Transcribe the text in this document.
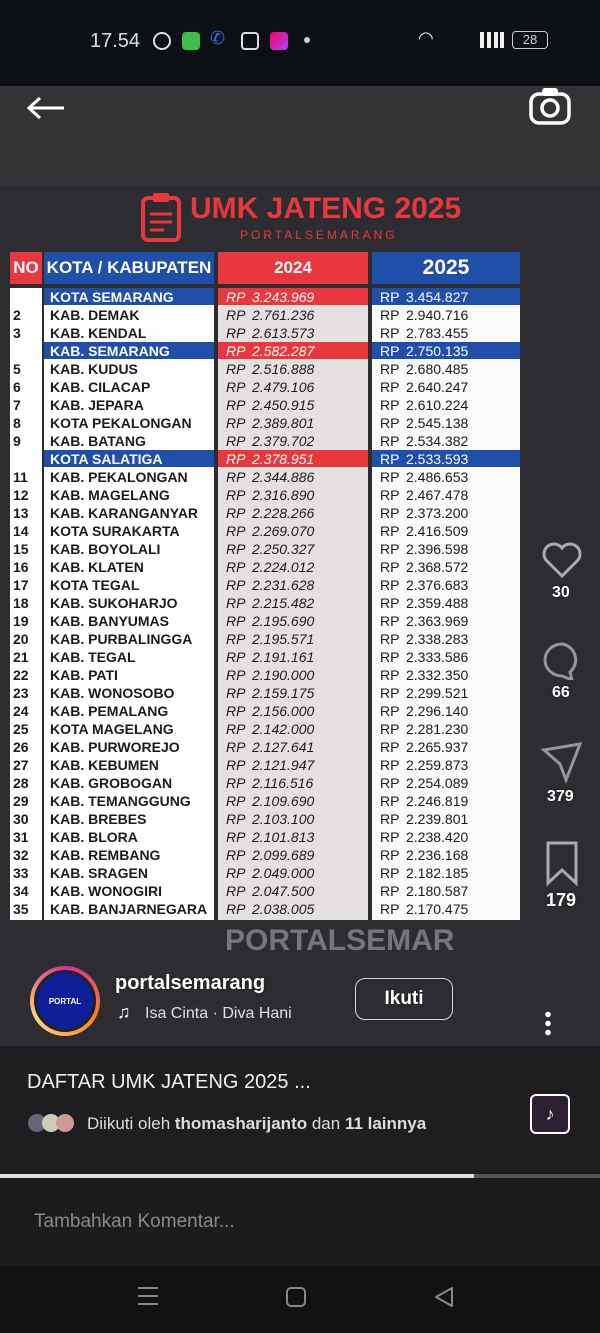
17.54	✆	◠	28
UMK JATENG 2025
PORTALSEMARANG
PORTALSEMAR
NO KOTA / KABUPATEN	2024	2025
1 KOTA SEMARANG	RP 3.243.969	RP 3.454.827
2 KAB. DEMAK	RP 2.761.236	RP 2.940.716
3 KAB. KENDAL	RP 2.613.573	RP 2.783.455
4 KAB. SEMARANG	RP 2.582.287	RP 2.750.135
5 KAB. KUDUS	RP 2.516.888	RP 2.680.485
6 KAB. CILACAP	RP 2.479.106	RP 2.640.247
7 KAB. JEPARA	RP 2.450.915	RP 2.610.224
8 KOTA PEKALONGAN RP 2.389.801	RP 2.545.138
9 KAB. BATANG	RP 2.379.702	RP 2.534.382
10 KOTA SALATIGA	RP 2.378.951	RP 2.533.593
11 KAB. PEKALONGAN	RP 2.344.886	RP 2.486.653
12 KAB. MAGELANG	RP 2.316.890	RP 2.467.478
13 KAB. KARANGANYAR RP 2.228.266	RP 2.373.200
14 KOTA SURAKARTA	RP 2.269.070	RP 2.416.509
15 KAB. BOYOLALI	RP 2.250.327	RP 2.396.598
16 KAB. KLATEN	RP 2.224.012	RP 2.368.572
17 KOTA TEGAL	RP 2.231.628	RP 2.376.683
18 KAB. SUKOHARJO	RP 2.215.482	RP 2.359.488
19 KAB. BANYUMAS	RP 2.195.690	RP 2.363.969
20 KAB. PURBALINGGA RP 2.195.571	RP 2.338.283
21 KAB. TEGAL	RP 2.191.161	RP 2.333.586
22 KAB. PATI	RP 2.190.000	RP 2.332.350
23 KAB. WONOSOBO	RP 2.159.175	RP 2.299.521
24 KAB. PEMALANG	RP 2.156.000	RP 2.296.140
25 KOTA MAGELANG	RP 2.142.000	RP 2.281.230
26 KAB. PURWOREJO	RP 2.127.641	RP 2.265.937
27 KAB. KEBUMEN	RP 2.121.947	RP 2.259.873
28 KAB. GROBOGAN	RP 2.116.516	RP 2.254.089
29 KAB. TEMANGGUNG	RP 2.109.690	RP 2.246.819
30 KAB. BREBES	RP 2.103.100	RP 2.239.801
31 KAB. BLORA	RP 2.101.813	RP 2.238.420
32 KAB. REMBANG	RP 2.099.689	RP 2.236.168
33 KAB. SRAGEN	RP 2.049.000	RP 2.182.185
34 KAB. WONOGIRI	RP 2.047.500	RP 2.180.587
35 KAB. BANJARNEGARA RP 2.038.005	RP 2.170.475
30
66
379
179
PORTAL
portalsemarang
Ikuti
♫ Isa Cinta · Diva Hani
DAFTAR UMK JATENG 2025 ...
Diikuti oleh thomasharijanto dan 11 lainnya	♪
Tambahkan Komentar...
